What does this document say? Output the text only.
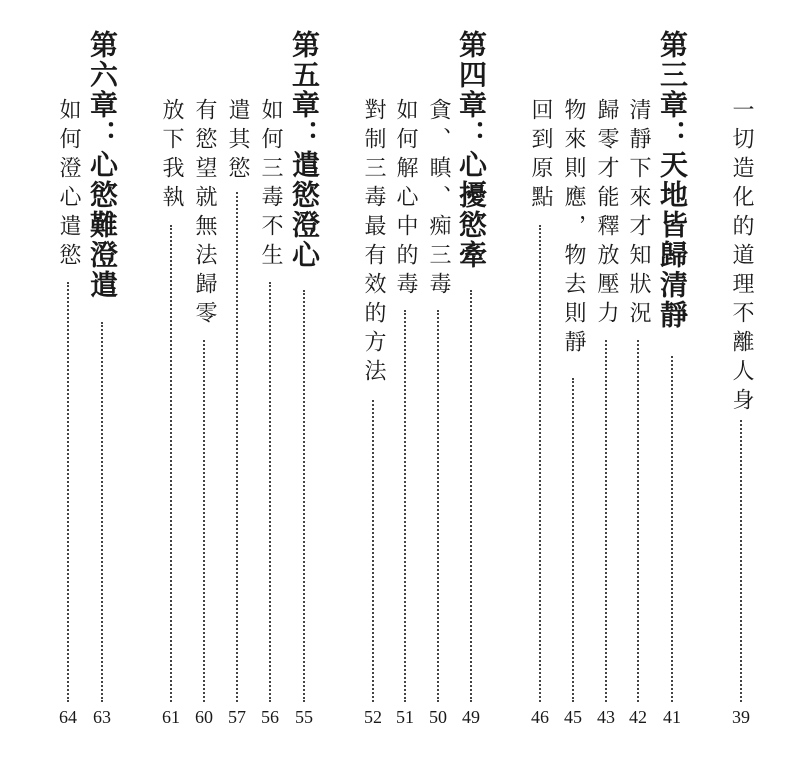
一切造化的道理不離人身
39
第三章：天地皆歸清靜
41
清靜下來才知狀況
42
歸零才能釋放壓力
43
物來則應，物去則靜
45
回到原點
46
第四章：心擾慾牽
49
貪、瞋、痴三毒
50
如何解心中的毒
51
對制三毒最有效的方法
52
第五章：遣慾澄心
55
如何三毒不生
56
遣其慾
57
有慾望就無法歸零
60
放下我執
61
第六章：心慾難澄遣
63
如何澄心遣慾
64
